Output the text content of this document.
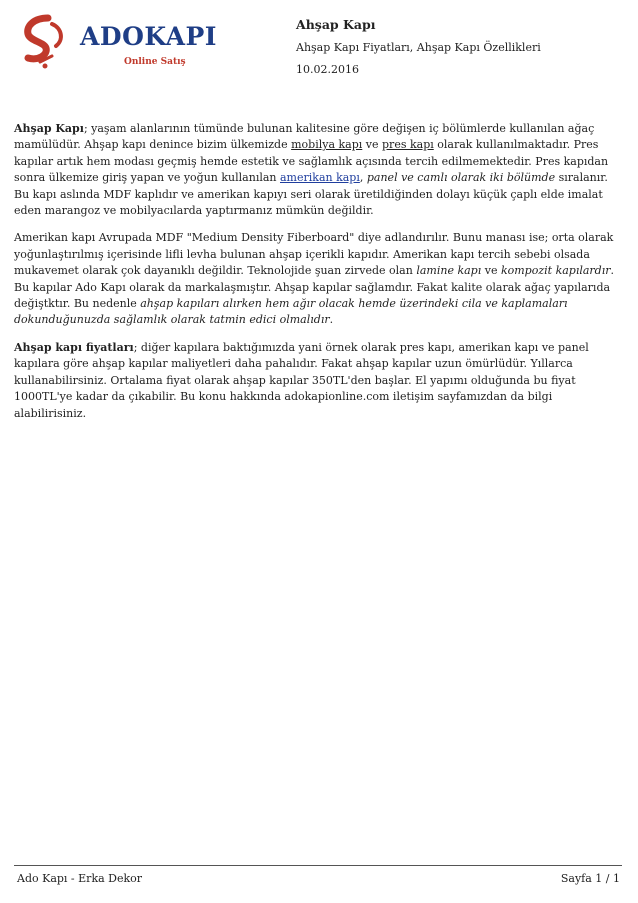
ADOKAPI
Online Satış
Ahşap Kapı
Ahşap Kapı Fiyatları, Ahşap Kapı Özellikleri
10.02.2016

Ahşap Kapı; yaşam alanlarının tümünde bulunan kalitesine göre değişen iç bölümlerde kullanılan ağaç mamülüdür. Ahşap kapı denince bizim ülkemizde mobilya kapı ve pres kapı olarak kullanılmaktadır. Pres kapılar artık hem modası geçmiş hemde estetik ve sağlamlık açısında tercih edilmemektedir. Pres kapıdan sonra ülkemize giriş yapan ve yoğun kullanılan amerikan kapı, panel ve camlı olarak iki bölümde sıralanır. Bu kapı aslında MDF kaplıdır ve amerikan kapıyı seri olarak üretildiğinden dolayı küçük çaplı elde imalat eden marangoz ve mobilyacılarda yaptırmanız mümkün değildir.

Amerikan kapı Avrupada MDF "Medium Density Fiberboard" diye adlandırılır. Bunu manası ise; orta olarak yoğunlaştırılmış içerisinde lifli levha bulunan ahşap içerikli kapıdır. Amerikan kapı tercih sebebi olsada mukavemet olarak çok dayanıklı değildir. Teknolojide şuan zirvede olan lamine kapı ve kompozit kapılardır. Bu kapılar Ado Kapı olarak da markalaşmıştır. Ahşap kapılar sağlamdır. Fakat kalite olarak ağaç yapılarıda değiştktır. Bu nedenle ahşap kapıları alırken hem ağır olacak hemde üzerindeki cila ve kaplamaları dokunduğunuzda sağlamlık olarak tatmin edici olmalıdır.

Ahşap kapı fiyatları; diğer kapılara baktığımızda yani örnek olarak pres kapı, amerikan kapı ve panel kapılara göre ahşap kapılar maliyetleri daha pahalıdır. Fakat ahşap kapılar uzun ömürlüdür. Yıllarca kullanabilirsiniz. Ortalama fiyat olarak ahşap kapılar 350TL'den başlar. El yapımı olduğunda bu fiyat 1000TL'ye kadar da çıkabilir. Bu konu hakkında adokapionline.com iletişim sayfamızdan da bilgi alabilirisiniz.

Ado Kapı - Erka Dekor	Sayfa 1 / 1
